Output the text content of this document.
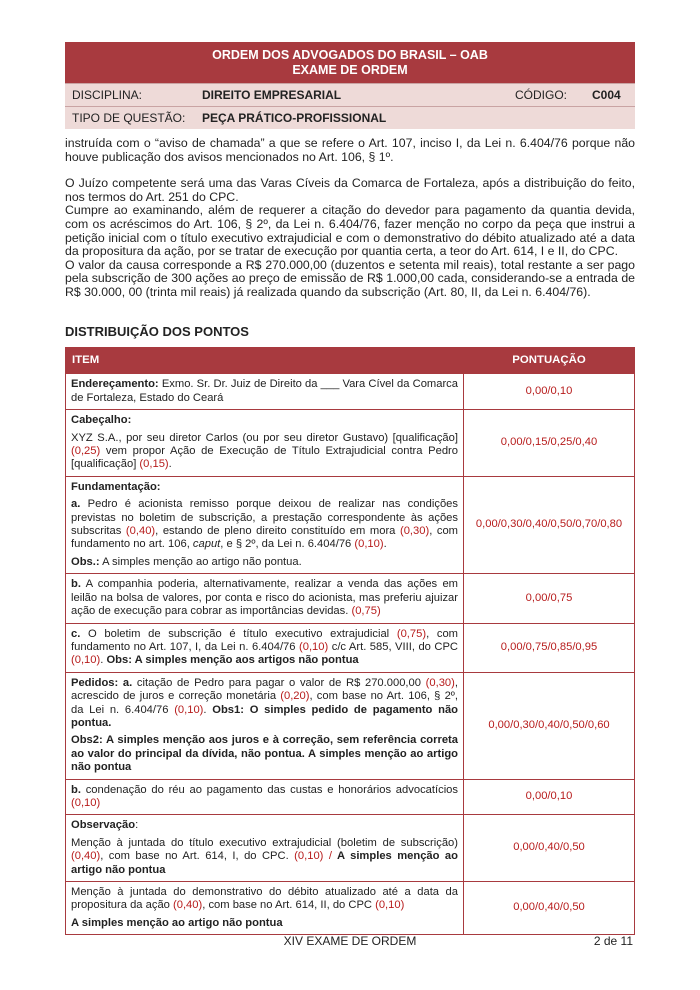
ORDEM DOS ADVOGADOS DO BRASIL – OAB
EXAME DE ORDEM
DISCIPLINA:	DIREITO EMPRESARIAL	CÓDIGO:	C004
TIPO DE QUESTÃO:	PEÇA PRÁTICO-PROFISSIONAL

instruída com o “aviso de chamada” a que se refere o Art. 107, inciso I, da Lei n. 6.404/76 porque não houve publicação dos avisos mencionados no Art. 106, § 1º.

O Juízo competente será uma das Varas Cíveis da Comarca de Fortaleza, após a distribuição do feito, nos termos do Art. 251 do CPC.

Cumpre ao examinando, além de requerer a citação do devedor para pagamento da quantia devida, com os acréscimos do Art. 106, § 2º, da Lei n. 6.404/76, fazer menção no corpo da peça que instrui a petição inicial com o título executivo extrajudicial e com o demonstrativo do débito atualizado até a data da propositura da ação, por se tratar de execução por quantia certa, a teor do Art. 614, I e II, do CPC.

O valor da causa corresponde a R$ 270.000,00 (duzentos e setenta mil reais), total restante a ser pago pela subscrição de 300 ações ao preço de emissão de R$ 1.000,00 cada, considerando-se a entrada de R$ 30.000, 00 (trinta mil reais) já realizada quando da subscrição (Art. 80, II, da Lei n. 6.404/76).

DISTRIBUIÇÃO DOS PONTOS
ITEM	PONTUAÇÃO
Endereçamento: Exmo. Sr. Dr. Juiz de Direito da ___ Vara Cível da Comarca de Fortaleza, Estado do Ceará	0,00/0,10

Cabeçalho:

XYZ S.A., por seu diretor Carlos (ou por seu diretor Gustavo) [qualificação] (0,25) vem propor Ação de Execução de Título Extrajudicial contra Pedro [qualificação] (0,15).	0,00/0,15/0,25/0,40

Fundamentação:

a. Pedro é acionista remisso porque deixou de realizar nas condições previstas no boletim de subscrição, a prestação correspondente às ações subscritas (0,40), estando de pleno direito constituído em mora (0,30), com fundamento no art. 106, caput, e § 2º, da Lei n. 6.404/76 (0,10).

Obs.: A simples menção ao artigo não pontua.	0,00/0,30/0,40/0,50/0,70/0,80
b. A companhia poderia, alternativamente, realizar a venda das ações em leilão na bolsa de valores, por conta e risco do acionista, mas preferiu ajuizar ação de execução para cobrar as importâncias devidas. (0,75)	0,00/0,75
c. O boletim de subscrição é título executivo extrajudicial (0,75), com fundamento no Art. 107, I, da Lei n. 6.404/76 (0,10) c/c Art. 585, VIII, do CPC (0,10). Obs: A simples menção aos artigos não pontua	0,00/0,75/0,85/0,95

Pedidos: a. citação de Pedro para pagar o valor de R$ 270.000,00 (0,30), acrescido de juros e correção monetária (0,20), com base no Art. 106, § 2º, da Lei n. 6.404/76 (0,10). Obs1: O simples pedido de pagamento não pontua.

Obs2: A simples menção aos juros e à correção, sem referência correta ao valor do principal da dívida, não pontua. A simples menção ao artigo não pontua	0,00/0,30/0,40/0,50/0,60
b. condenação do réu ao pagamento das custas e honorários advocatícios (0,10)	0,00/0,10

Observação:

Menção à juntada do título executivo extrajudicial (boletim de subscrição) (0,40), com base no Art. 614, I, do CPC. (0,10) / A simples menção ao artigo não pontua	0,00/0,40/0,50

Menção à juntada do demonstrativo do débito atualizado até a data da propositura da ação (0,40), com base no Art. 614, II, do CPC (0,10)

A simples menção ao artigo não pontua	0,00/0,40/0,50
XIV EXAME DE ORDEM	2 de 11
